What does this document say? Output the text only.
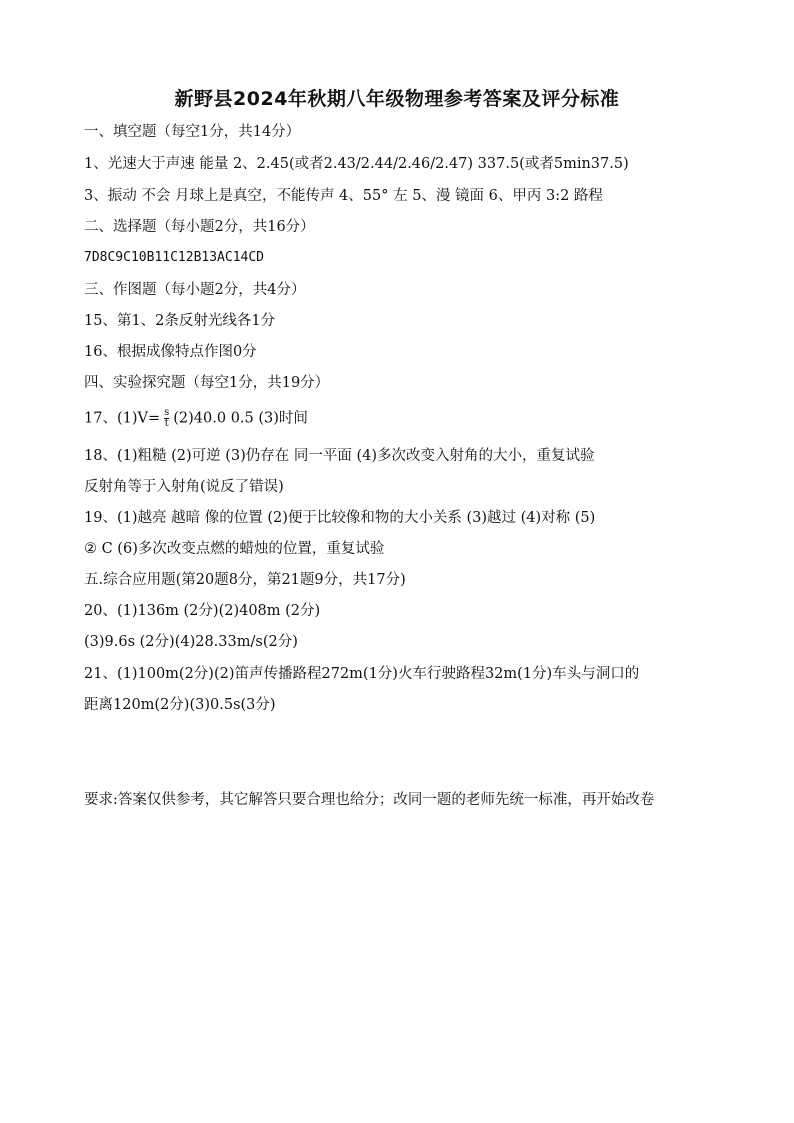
新野县2024年秋期八年级物理参考答案及评分标准
一、填空题（每空1分，共14分）
1、光速大于声速 能量 2、2.45(或者2.43/2.44/2.46/2.47) 337.5(或者5min37.5)
3、振动 不会 月球上是真空，不能传声 4、55° 左 5、漫 镜面 6、甲丙 3:2 路程
二、选择题（每小题2分，共16分）
7D8C9C10B11C12B13AC14CD
三、作图题（每小题2分，共4分）
15、第1、2条反射光线各1分
16、根据成像特点作图0分
四、实验探究题（每空1分，共19分）
17、$(1)V= \frac{s}{t} (2)40.0$ 0.5 (3)时间
18、(1)粗糙 (2)可逆 (3)仍存在 同一平面 (4)多次改变入射角的大小，重复试验
反射角等于入射角(说反了错误)
19、(1)越亮 越暗 像的位置 (2)便于比较像和物的大小关系 (3)越过 (4)对称 (5)
② C (6)多次改变点燃的蜡烛的位置，重复试验
五.综合应用题(第20题8分，第21题9分，共17分)
20、(1)136m (2分)(2)408m (2分)
(3)9.6s (2分)(4)28.33m/s(2分)
21、(1)100m(2分)(2)笛声传播路程272m(1分)火车行驶路程32m(1分)车头与洞口的
距离120m(2分)(3)0.5s(3分)
要求:答案仅供参考，其它解答只要合理也给分；改同一题的老师先统一标准，再开始改卷
